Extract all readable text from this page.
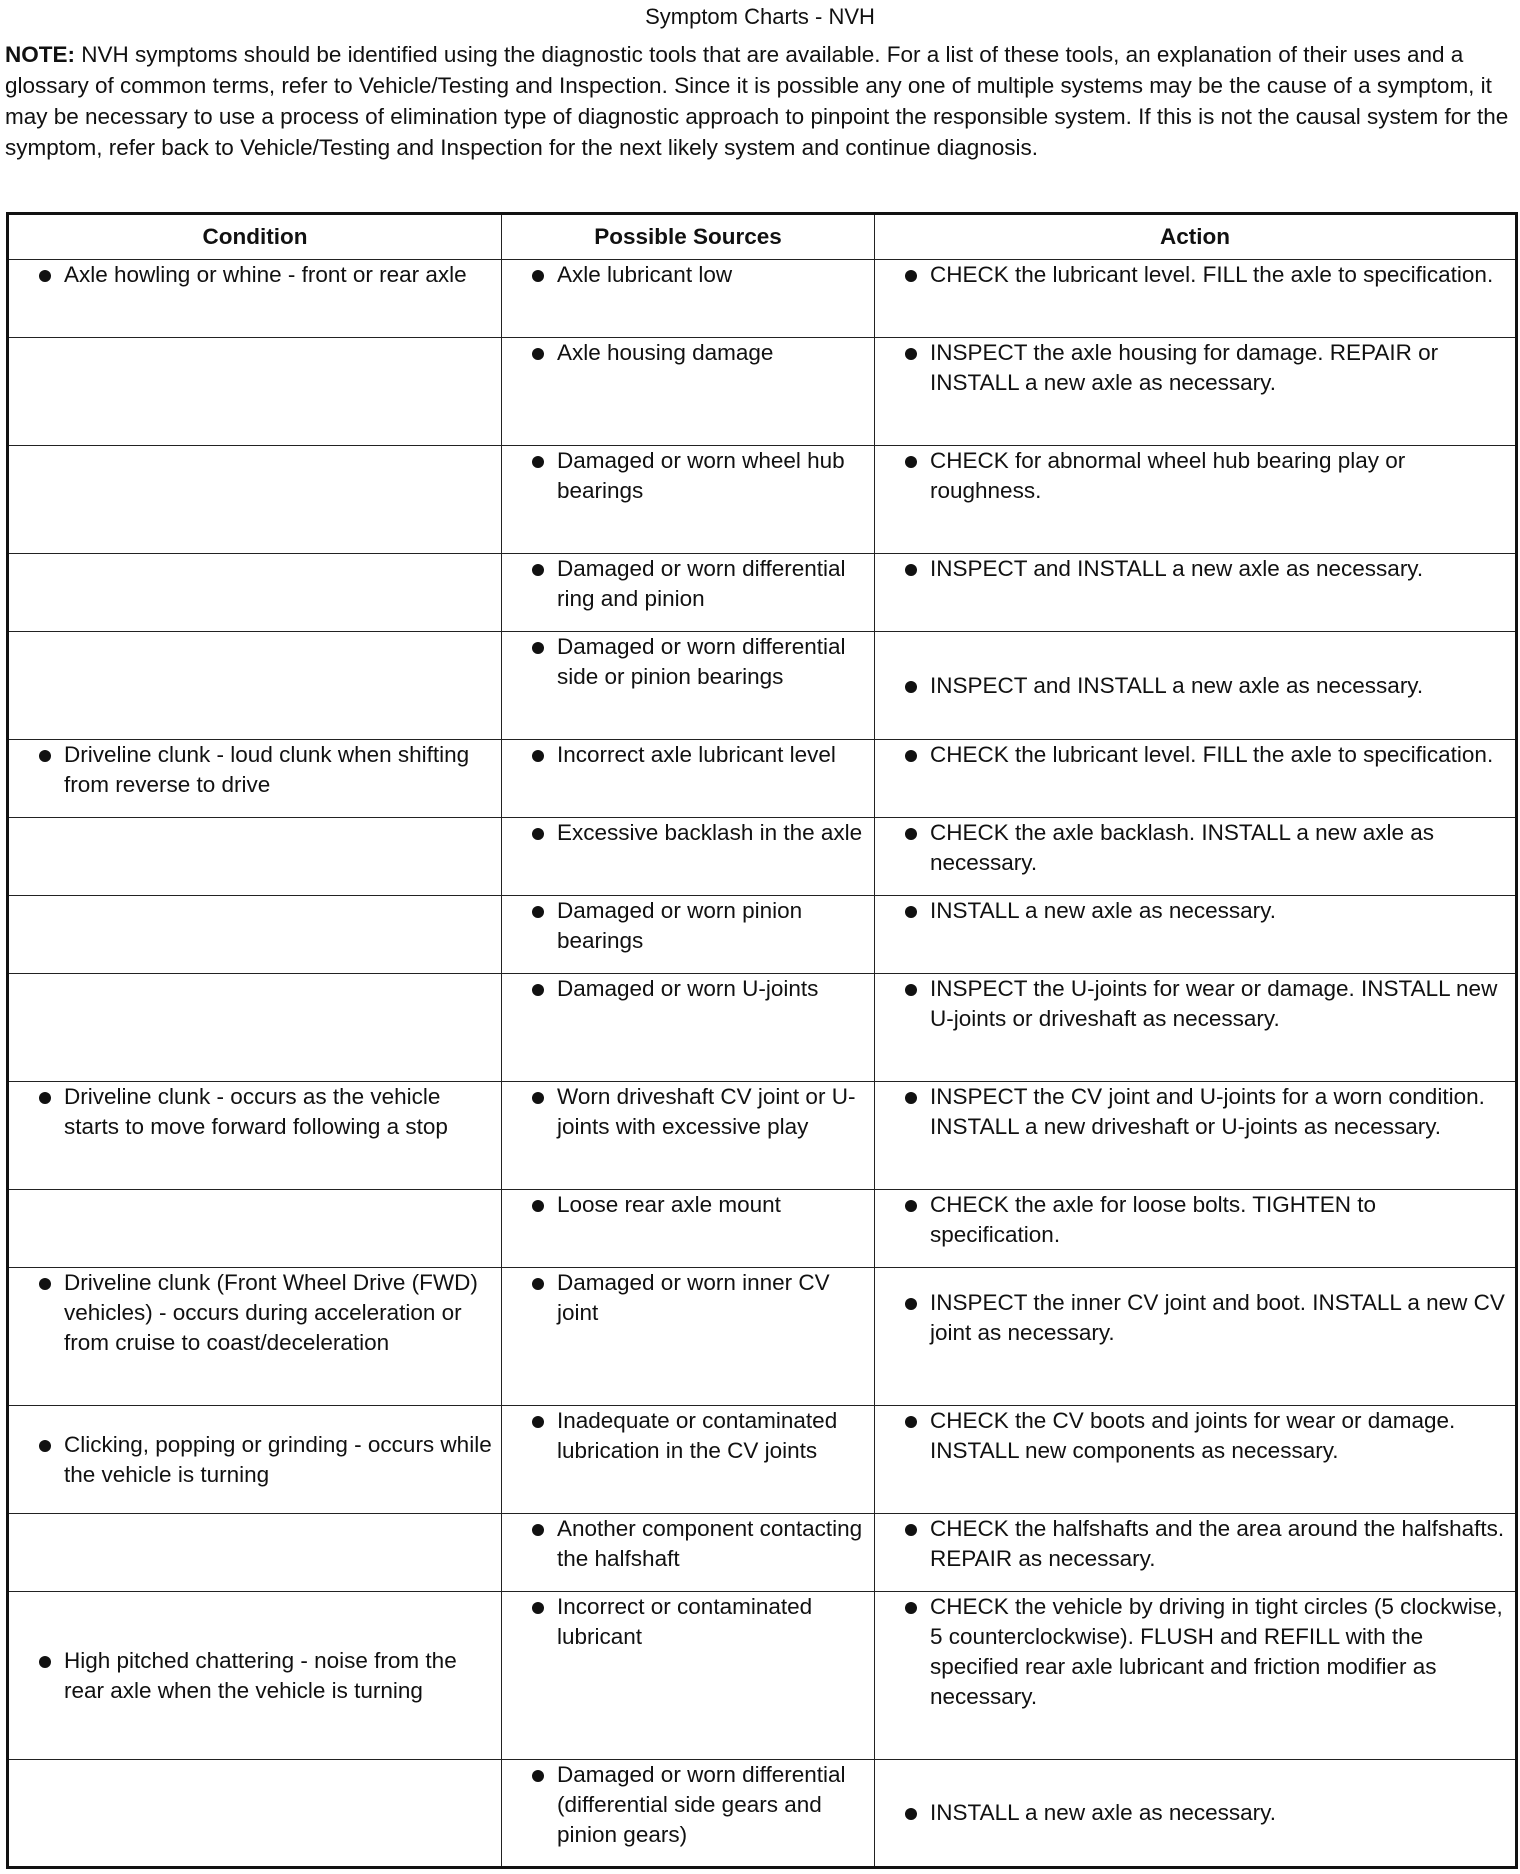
Symptom Charts - NVH
NOTE: NVH symptoms should be identified using the diagnostic tools that are available. For a list of these tools, an explanation of their uses and a glossary of common terms, refer to Vehicle/Testing and Inspection. Since it is possible any one of multiple systems may be the cause of a symptom, it may be necessary to use a process of elimination type of diagnostic approach to pinpoint the responsible system. If this is not the causal system for the symptom, refer back to Vehicle/Testing and Inspection for the next likely system and continue diagnosis.
Condition	Possible Sources	Action

Axle howling or whine - front or rear axle	Axle lubricant low	CHECK the lubricant level. FILL the axle to specification.

	Axle housing damage	INSPECT the axle housing for damage. REPAIR or INSTALL a new axle as necessary.

	Damaged or worn wheel hub bearings	CHECK for abnormal wheel hub bearing play or roughness.

	Damaged or worn differential ring and pinion	INSPECT and INSTALL a new axle as necessary.

	Damaged or worn differential side or pinion bearings	INSPECT and INSTALL a new axle as necessary.

Driveline clunk - loud clunk when shifting from reverse to drive	Incorrect axle lubricant level	CHECK the lubricant level. FILL the axle to specification.

	Excessive backlash in the axle	CHECK the axle backlash. INSTALL a new axle as necessary.

	Damaged or worn pinion bearings	INSTALL a new axle as necessary.

	Damaged or worn U-joints	INSPECT the U-joints for wear or damage. INSTALL new U-joints or driveshaft as necessary.

Driveline clunk - occurs as the vehicle starts to move forward following a stop	Worn driveshaft CV joint or U-joints with excessive play	INSPECT the CV joint and U-joints for a worn condition. INSTALL a new driveshaft or U-joints as necessary.

	Loose rear axle mount	CHECK the axle for loose bolts. TIGHTEN to specification.

Driveline clunk (Front Wheel Drive (FWD) vehicles) - occurs during acceleration or from cruise to coast/deceleration	Damaged or worn inner CV joint	INSPECT the inner CV joint and boot. INSTALL a new CV joint as necessary.

Clicking, popping or grinding - occurs while the vehicle is turning	Inadequate or contaminated lubrication in the CV joints	CHECK the CV boots and joints for wear or damage. INSTALL new components as necessary.

	Another component contacting the halfshaft	CHECK the halfshafts and the area around the halfshafts. REPAIR as necessary.

High pitched chattering - noise from the rear axle when the vehicle is turning	Incorrect or contaminated lubricant	CHECK the vehicle by driving in tight circles (5 clockwise, 5 counterclockwise). FLUSH and REFILL with the specified rear axle lubricant and friction modifier as necessary.

	Damaged or worn differential (differential side gears and pinion gears)	INSTALL a new axle as necessary.
